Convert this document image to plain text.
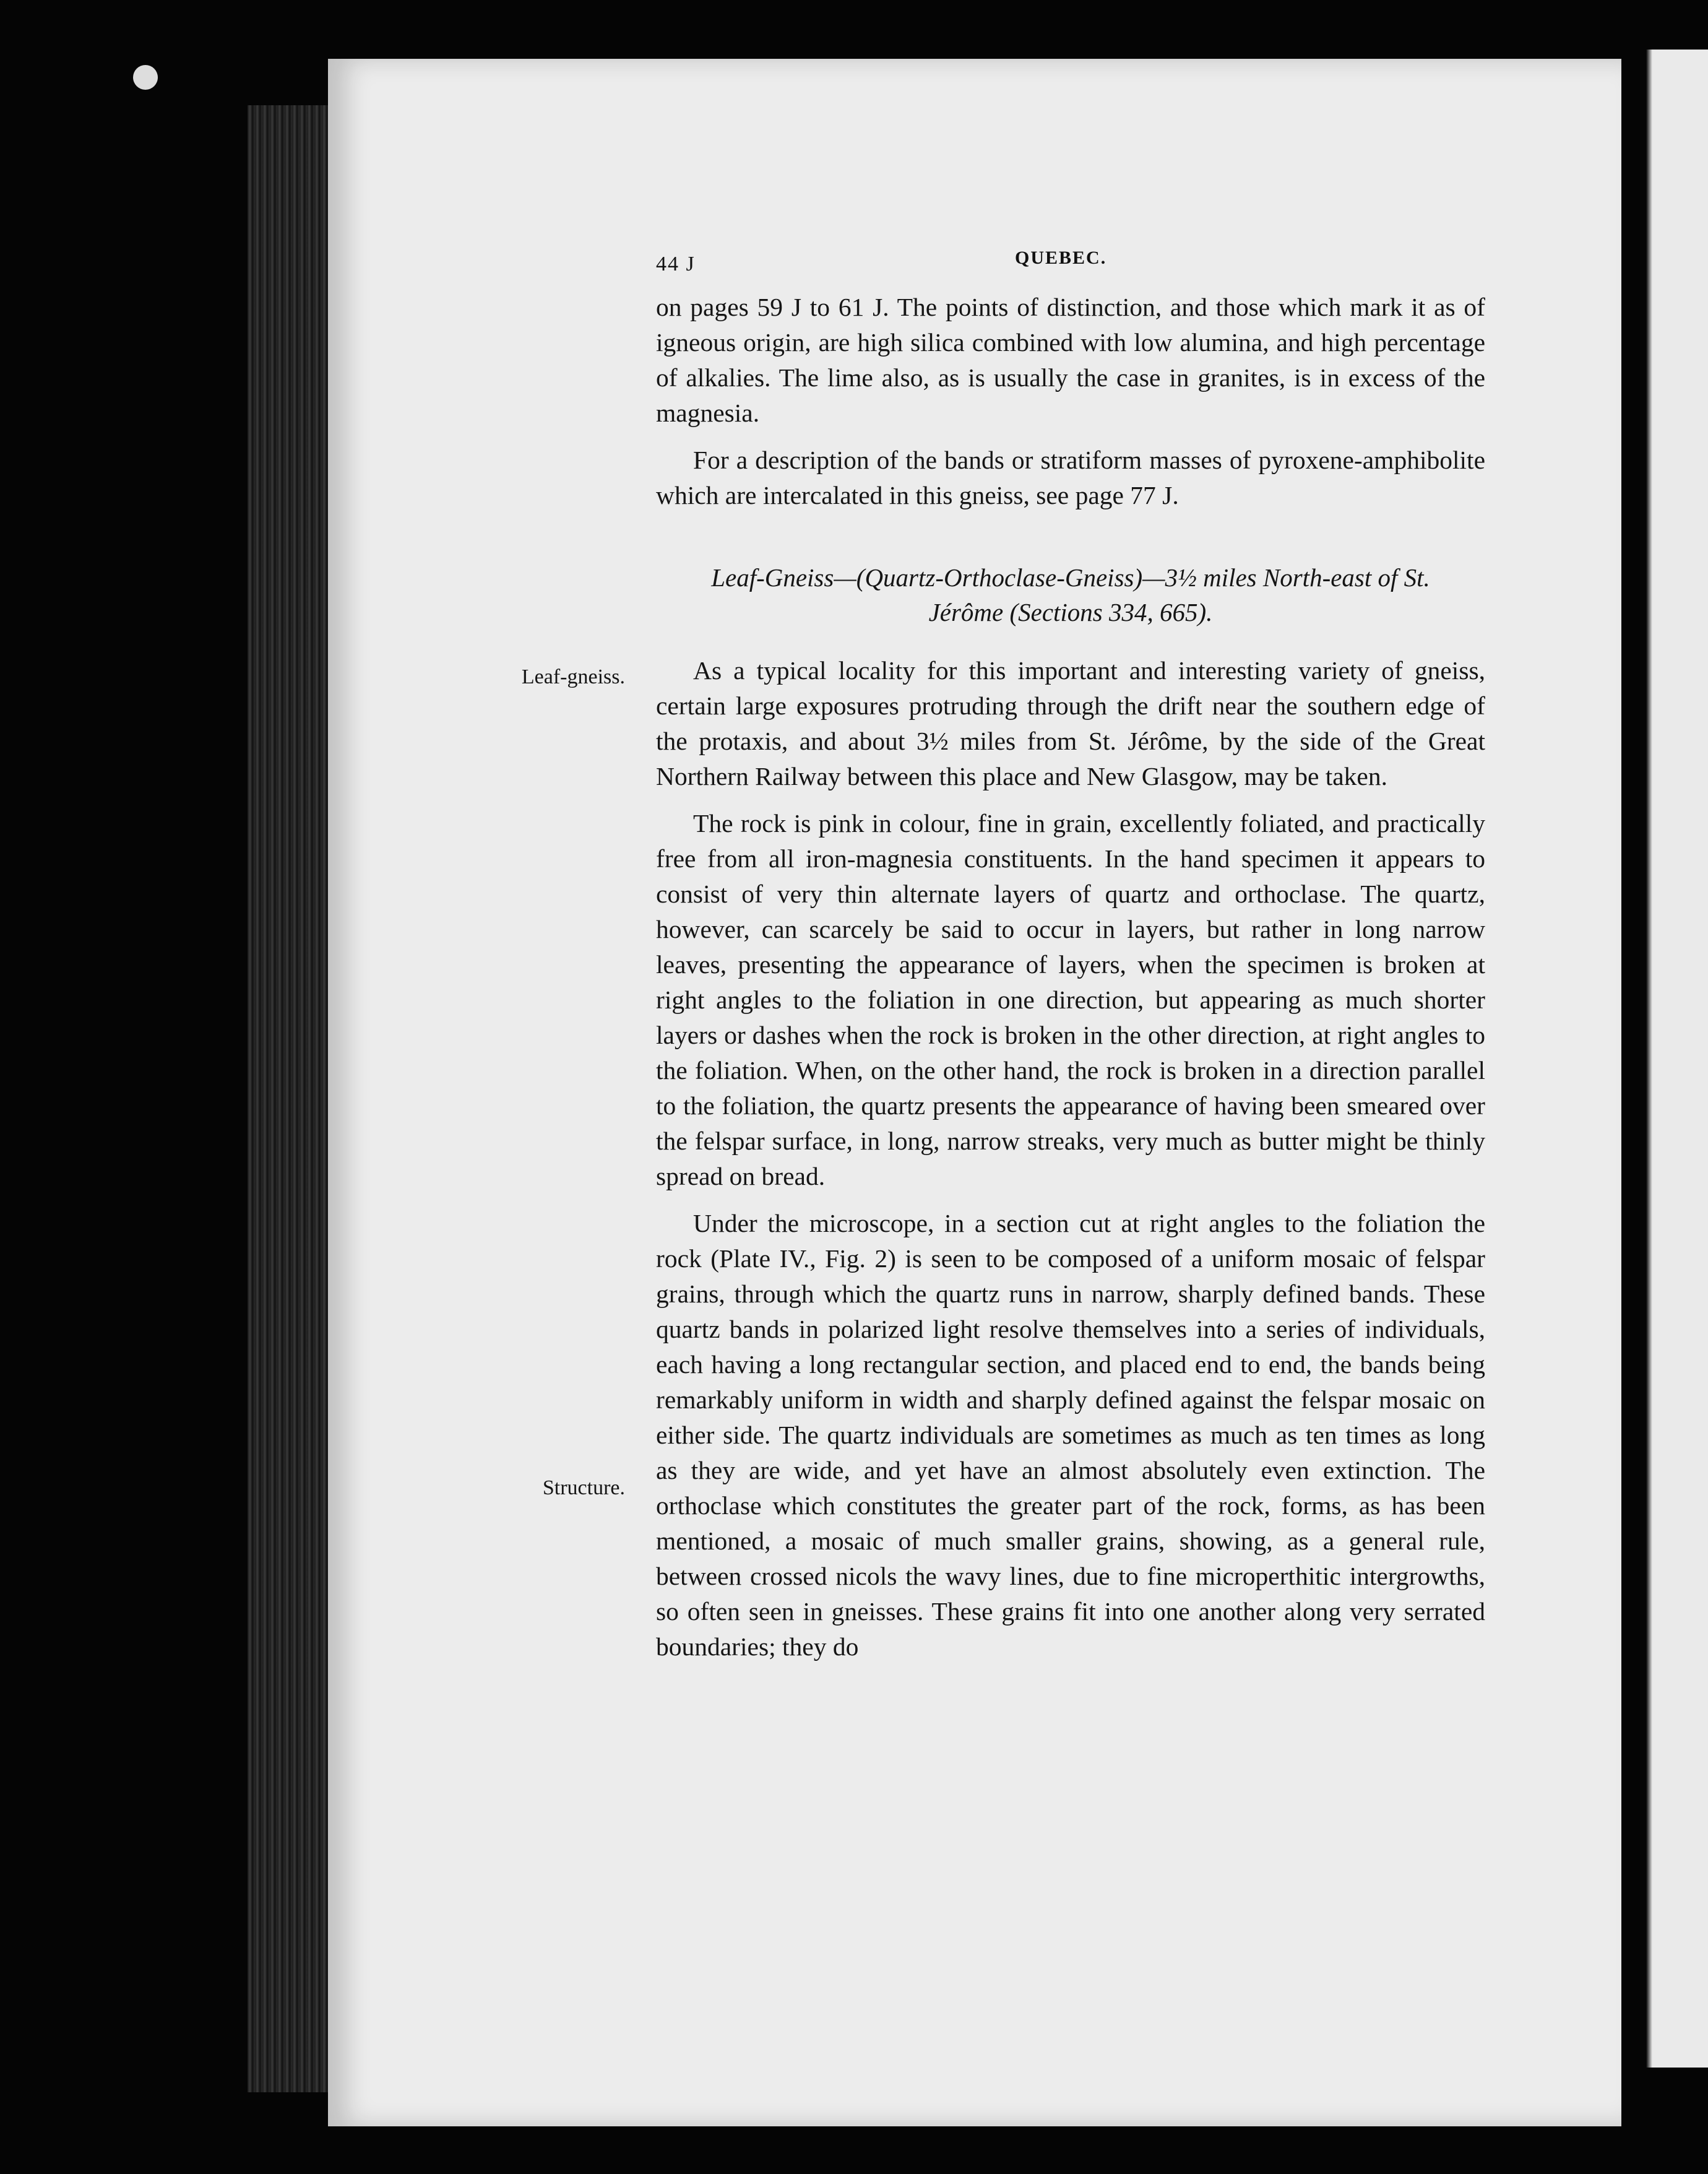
44 J	QUEBEC.

on pages 59 J to 61 J. The points of distinction, and those which mark it as of igneous origin, are high silica combined with low alumina, and high percentage of alkalies. The lime also, as is usually the case in granites, is in excess of the magnesia.

For a description of the bands or stratiform masses of pyroxene-amphibolite which are intercalated in this gneiss, see page 77 J.

Leaf-Gneiss—(Quartz-Orthoclase-Gneiss)—3½ miles North-east of St.
Jérôme (Sections 334, 665).
Leaf-gneiss.
Structure.

As a typical locality for this important and interesting variety of gneiss, certain large exposures protruding through the drift near the southern edge of the protaxis, and about 3½ miles from St. Jérôme, by the side of the Great Northern Railway between this place and New Glasgow, may be taken.

The rock is pink in colour, fine in grain, excellently foliated, and practically free from all iron-magnesia constituents. In the hand specimen it appears to consist of very thin alternate layers of quartz and orthoclase. The quartz, however, can scarcely be said to occur in layers, but rather in long narrow leaves, presenting the appearance of layers, when the specimen is broken at right angles to the foliation in one direction, but appearing as much shorter layers or dashes when the rock is broken in the other direction, at right angles to the foliation. When, on the other hand, the rock is broken in a direction parallel to the foliation, the quartz presents the appearance of having been smeared over the felspar surface, in long, narrow streaks, very much as butter might be thinly spread on bread.

Under the microscope, in a section cut at right angles to the foliation the rock (Plate IV., Fig. 2) is seen to be composed of a uniform mosaic of felspar grains, through which the quartz runs in narrow, sharply defined bands. These quartz bands in polarized light resolve themselves into a series of individuals, each having a long rectangular section, and placed end to end, the bands being remarkably uniform in width and sharply defined against the felspar mosaic on either side. The quartz individuals are sometimes as much as ten times as long as they are wide, and yet have an almost absolutely even extinction. The orthoclase which constitutes the greater part of the rock, forms, as has been mentioned, a mosaic of much smaller grains, showing, as a general rule, between crossed nicols the wavy lines, due to fine microperthitic intergrowths, so often seen in gneisses. These grains fit into one another along very serrated boundaries; they do
